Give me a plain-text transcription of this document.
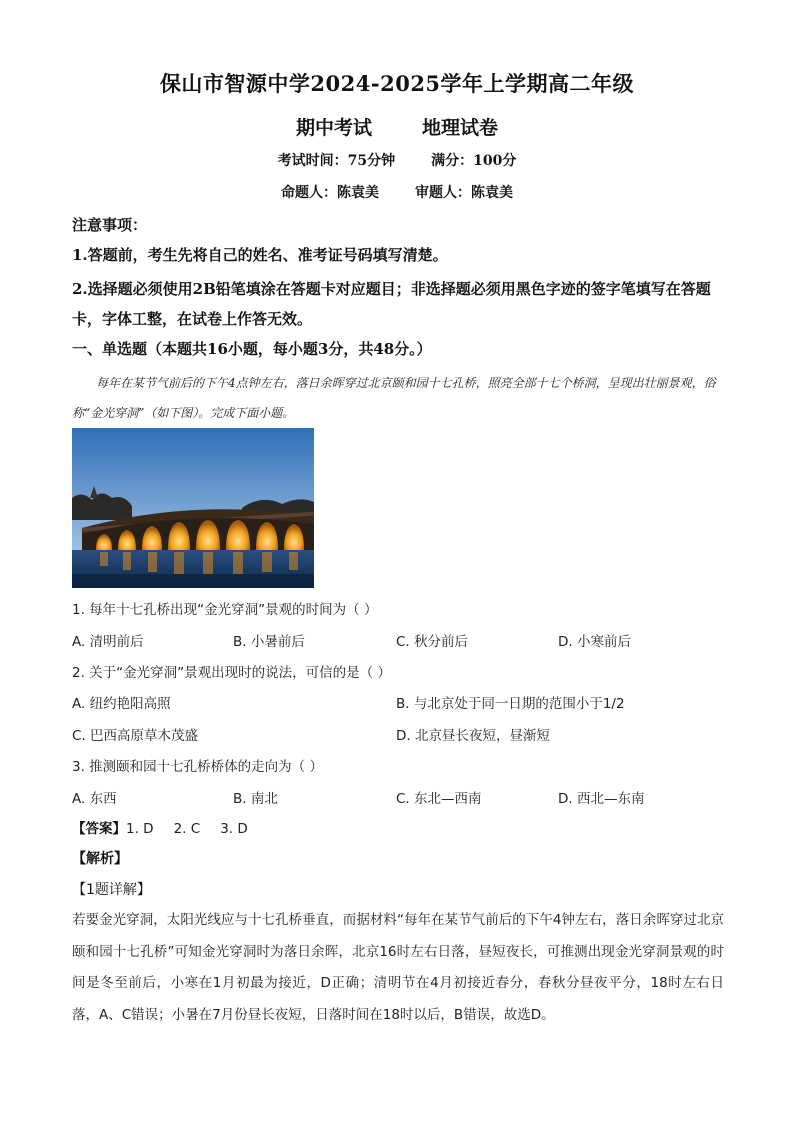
保山市智源中学2024-2025学年上学期高二年级
期中考试	地理试卷
考试时间：75分钟	满分：100分
命题人：陈袁美	审题人：陈袁美
注意事项：
1.答题前，考生先将自己的姓名、准考证号码填写清楚。
2.选择题必须使用2B铅笔填涂在答题卡对应题目；非选择题必须用黑色字迹的签字笔填写在答题卡，字体工整，在试卷上作答无效。
一、单选题（本题共16小题，每小题3分，共48分。）
每年在某节气前后的下午4点钟左右，落日余晖穿过北京颐和园十七孔桥，照亮全部十七个桥洞，呈现出壮丽景观，俗称“金光穿洞”（如下图）。完成下面小题。
1. 每年十七孔桥出现“金光穿洞”景观的时间为（ ）
A. 清明前后	B. 小暑前后	C. 秋分前后	D. 小寒前后
2. 关于“金光穿洞”景观出现时的说法，可信的是（ ）
A. 纽约艳阳高照	B. 与北京处于同一日期的范围小于1/2
C. 巴西高原草木茂盛	D. 北京昼长夜短，昼渐短
3. 推测颐和园十七孔桥桥体的走向为（ ）
A. 东西	B. 南北	C. 东北—西南	D. 西北—东南
【答案】1. D 2. C 3. D
【解析】
【1题详解】
若要金光穿洞，太阳光线应与十七孔桥垂直，而据材料“每年在某节气前后的下午4钟左右，落日余晖穿过北京颐和园十七孔桥”可知金光穿洞时为落日余晖，北京16时左右日落，昼短夜长，可推测出现金光穿洞景观的时间是冬至前后，小寒在1月初最为接近，D正确；清明节在4月初接近春分，春秋分昼夜平分，18时左右日落，A、C错误；小暑在7月份昼长夜短，日落时间在18时以后，B错误，故选D。
